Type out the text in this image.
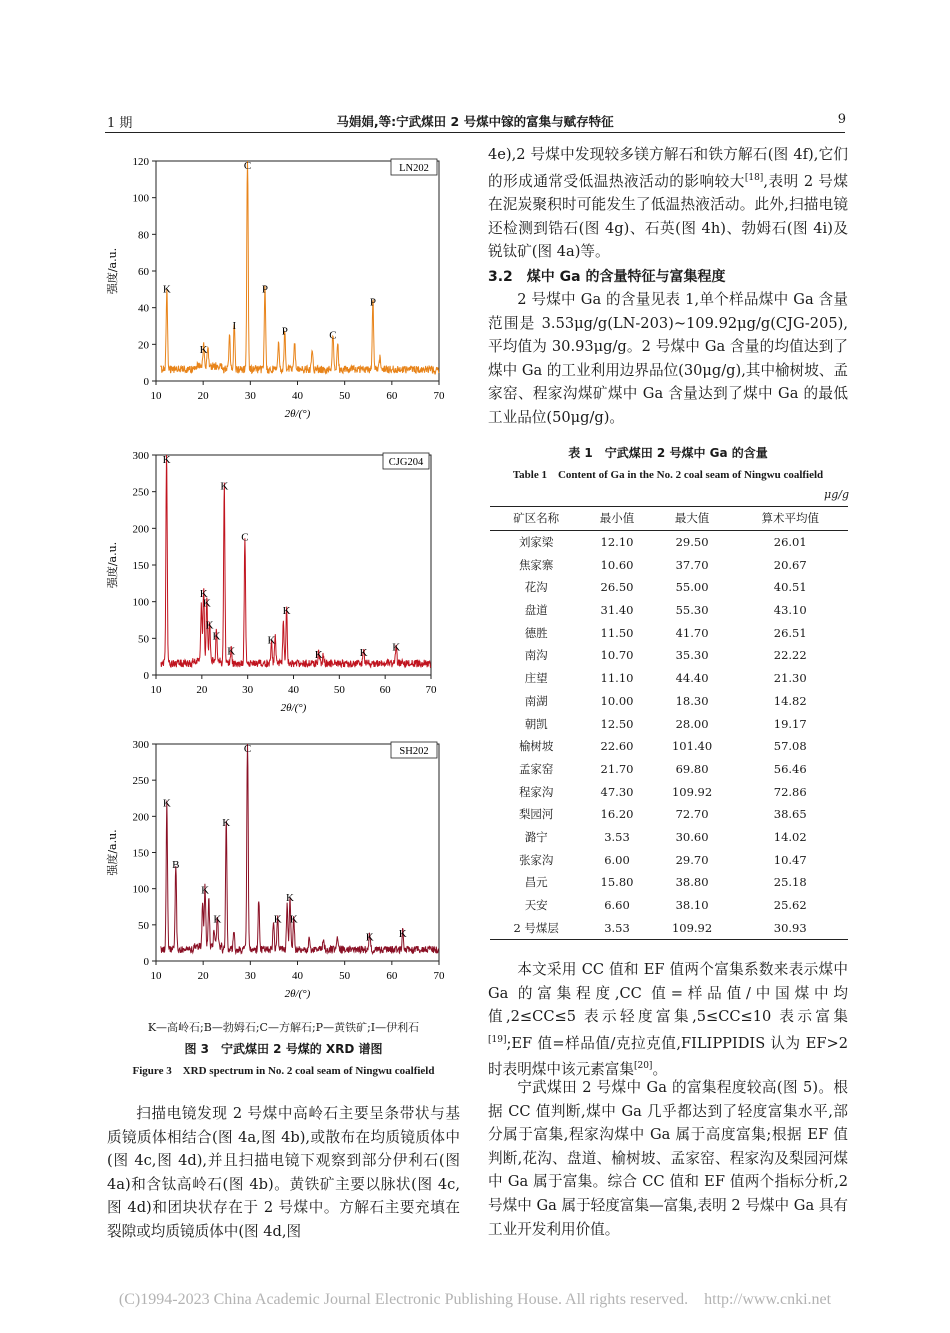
1 期	马娟娟,等:宁武煤田 2 号煤中镓的富集与赋存特征	9
0
20
40
60
80
100
120
10	20	30	40	50	60	70
2θ/(°)
强度/a.u.
LN202
C
K	P
I	P	C
P
K
0
50
100
150
200
250
300
10	20	30	40	50	60	70
2θ/(°)
强度/a.u.
CJG204
K
K
C
K
K
K
K
K
K
K
K	K K
0
50
100
150
200
250
300
10	20	30	40	50	60	70
2θ/(°)
强度/a.u.
SH202
C
K
B
K
K
K	K
K
K
K K
K—高岭石;B—勃姆石;C—方解石;P—黄铁矿;I—伊利石
图 3　宁武煤田 2 号煤的 XRD 谱图
Figure 3　XRD spectrum in No. 2 coal seam of Ningwu coalfield
扫描电镜发现 2 号煤中高岭石主要呈条带状与基质镜质体相结合(图 4a,图 4b),或散布在均质镜质体中(图 4c,图 4d),并且扫描电镜下观察到部分伊利石(图 4a)和含钛高岭石(图 4b)。黄铁矿主要以脉状(图 4c,图 4d)和团块状存在于 2 号煤中。方解石主要充填在裂隙或均质镜质体中(图 4d,图
4e),2 号煤中发现较多镁方解石和铁方解石(图 4f),它们的形成通常受低温热液活动的影响较大[18],表明 2 号煤在泥炭聚积时可能发生了低温热液活动。此外,扫描电镜还检测到锆石(图 4g)、石英(图 4h)、勃姆石(图 4i)及锐钛矿(图 4a)等。
3.2　煤中 Ga 的含量特征与富集程度
2 号煤中 Ga 的含量见表 1,单个样品煤中 Ga 含量范围是 3.53μg/g(LN-203)~109.92μg/g(CJG-205),平均值为 30.93μg/g。2 号煤中 Ga 含量的均值达到了煤中 Ga 的工业利用边界品位(30μg/g),其中榆树坡、孟家窑、程家沟煤矿煤中 Ga 含量达到了煤中 Ga 的最低工业品位(50μg/g)。
表 1　宁武煤田 2 号煤中 Ga 的含量
Table 1　Content of Ga in the No. 2 coal seam of Ningwu coalfield
μg/g
矿区名称	最小值	最大值	算术平均值
刘家梁	12.10	29.50	26.01
焦家寨	10.60	37.70	20.67
花沟	26.50	55.00	40.51
盘道	31.40	55.30	43.10
德胜	11.50	41.70	26.51
南沟	10.70	35.30	22.22
庄望	11.10	44.40	21.30
南湖	10.00	18.30	14.82
朝凯	12.50	28.00	19.17
榆树坡	22.60	101.40	57.08
孟家窑	21.70	69.80	56.46
程家沟	47.30	109.92	72.86
梨园河	16.20	72.70	38.65
潞宁	3.53	30.60	14.02
张家沟	6.00	29.70	10.47
昌元	15.80	38.80	25.18
天安	6.60	38.10	25.62
2 号煤层	3.53	109.92	30.93
本文采用 CC 值和 EF 值两个富集系数来表示煤中 Ga 的富集程度,CC 值=样品值/中国煤中均值,2≤CC≤5 表示轻度富集,5≤CC≤10 表示富集[19];EF 值=样品值/克拉克值,FILIPPIDIS 认为 EF>2 时表明煤中该元素富集[20]。
宁武煤田 2 号煤中 Ga 的富集程度较高(图 5)。根据 CC 值判断,煤中 Ga 几乎都达到了轻度富集水平,部分属于富集,程家沟煤中 Ga 属于高度富集;根据 EF 值判断,花沟、盘道、榆树坡、孟家窑、程家沟及梨园河煤中 Ga 属于富集。综合 CC 值和 EF 值两个指标分析,2 号煤中 Ga 属于轻度富集—富集,表明 2 号煤中 Ga 具有工业开发利用价值。
(C)1994-2023 China Academic Journal Electronic Publishing House. All rights reserved.　http://www.cnki.net
